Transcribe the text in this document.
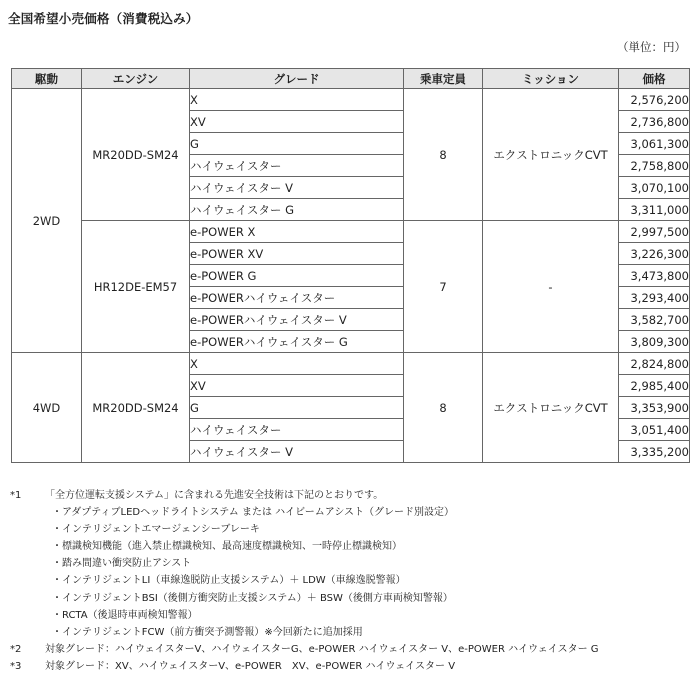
全国希望小売価格（消費税込み）
（単位：円）
駆動	エンジン	グレード	乗車定員	ミッション	価格
2WD	MR20DD-SM24	X	8	エクストロニックCVT	2,576,200
		XV			2,736,800
		G			3,061,300
		ハイウェイスター			2,758,800
		ハイウェイスター V			3,070,100
		ハイウェイスター G			3,311,000
	HR12DE-EM57	e-POWER X	7	-	2,997,500
		e-POWER XV			3,226,300
		e-POWER G			3,473,800
		e-POWERハイウェイスター			3,293,400
		e-POWERハイウェイスター V			3,582,700
		e-POWERハイウェイスター G			3,809,300
4WD	MR20DD-SM24	X	8	エクストロニックCVT	2,824,800
		XV			2,985,400
		G			3,353,900
		ハイウェイスター			3,051,400
		ハイウェイスター V			3,335,200
*1 「全方位運転支援システム」に含まれる先進安全技術は下記のとおりです。
・アダプティブLEDヘッドライトシステム または ハイビームアシスト（グレード別設定）
・インテリジェントエマージェンシーブレーキ
・標識検知機能（進入禁止標識検知、最高速度標識検知、一時停止標識検知）
・踏み間違い衝突防止アシスト
・インテリジェントLI（車線逸脱防止支援システム）＋ LDW（車線逸脱警報）
・インテリジェントBSI（後側方衝突防止支援システム）＋ BSW（後側方車両検知警報）
・RCTA（後退時車両検知警報）
・インテリジェントFCW（前方衝突予測警報）※今回新たに追加採用
*2 対象グレード：ハイウェイスターV、ハイウェイスターG、e-POWER ハイウェイスター V、e-POWER ハイウェイスター G
*3 対象グレード：XV、ハイウェイスターV、e-POWER　XV、e-POWER ハイウェイスター V
